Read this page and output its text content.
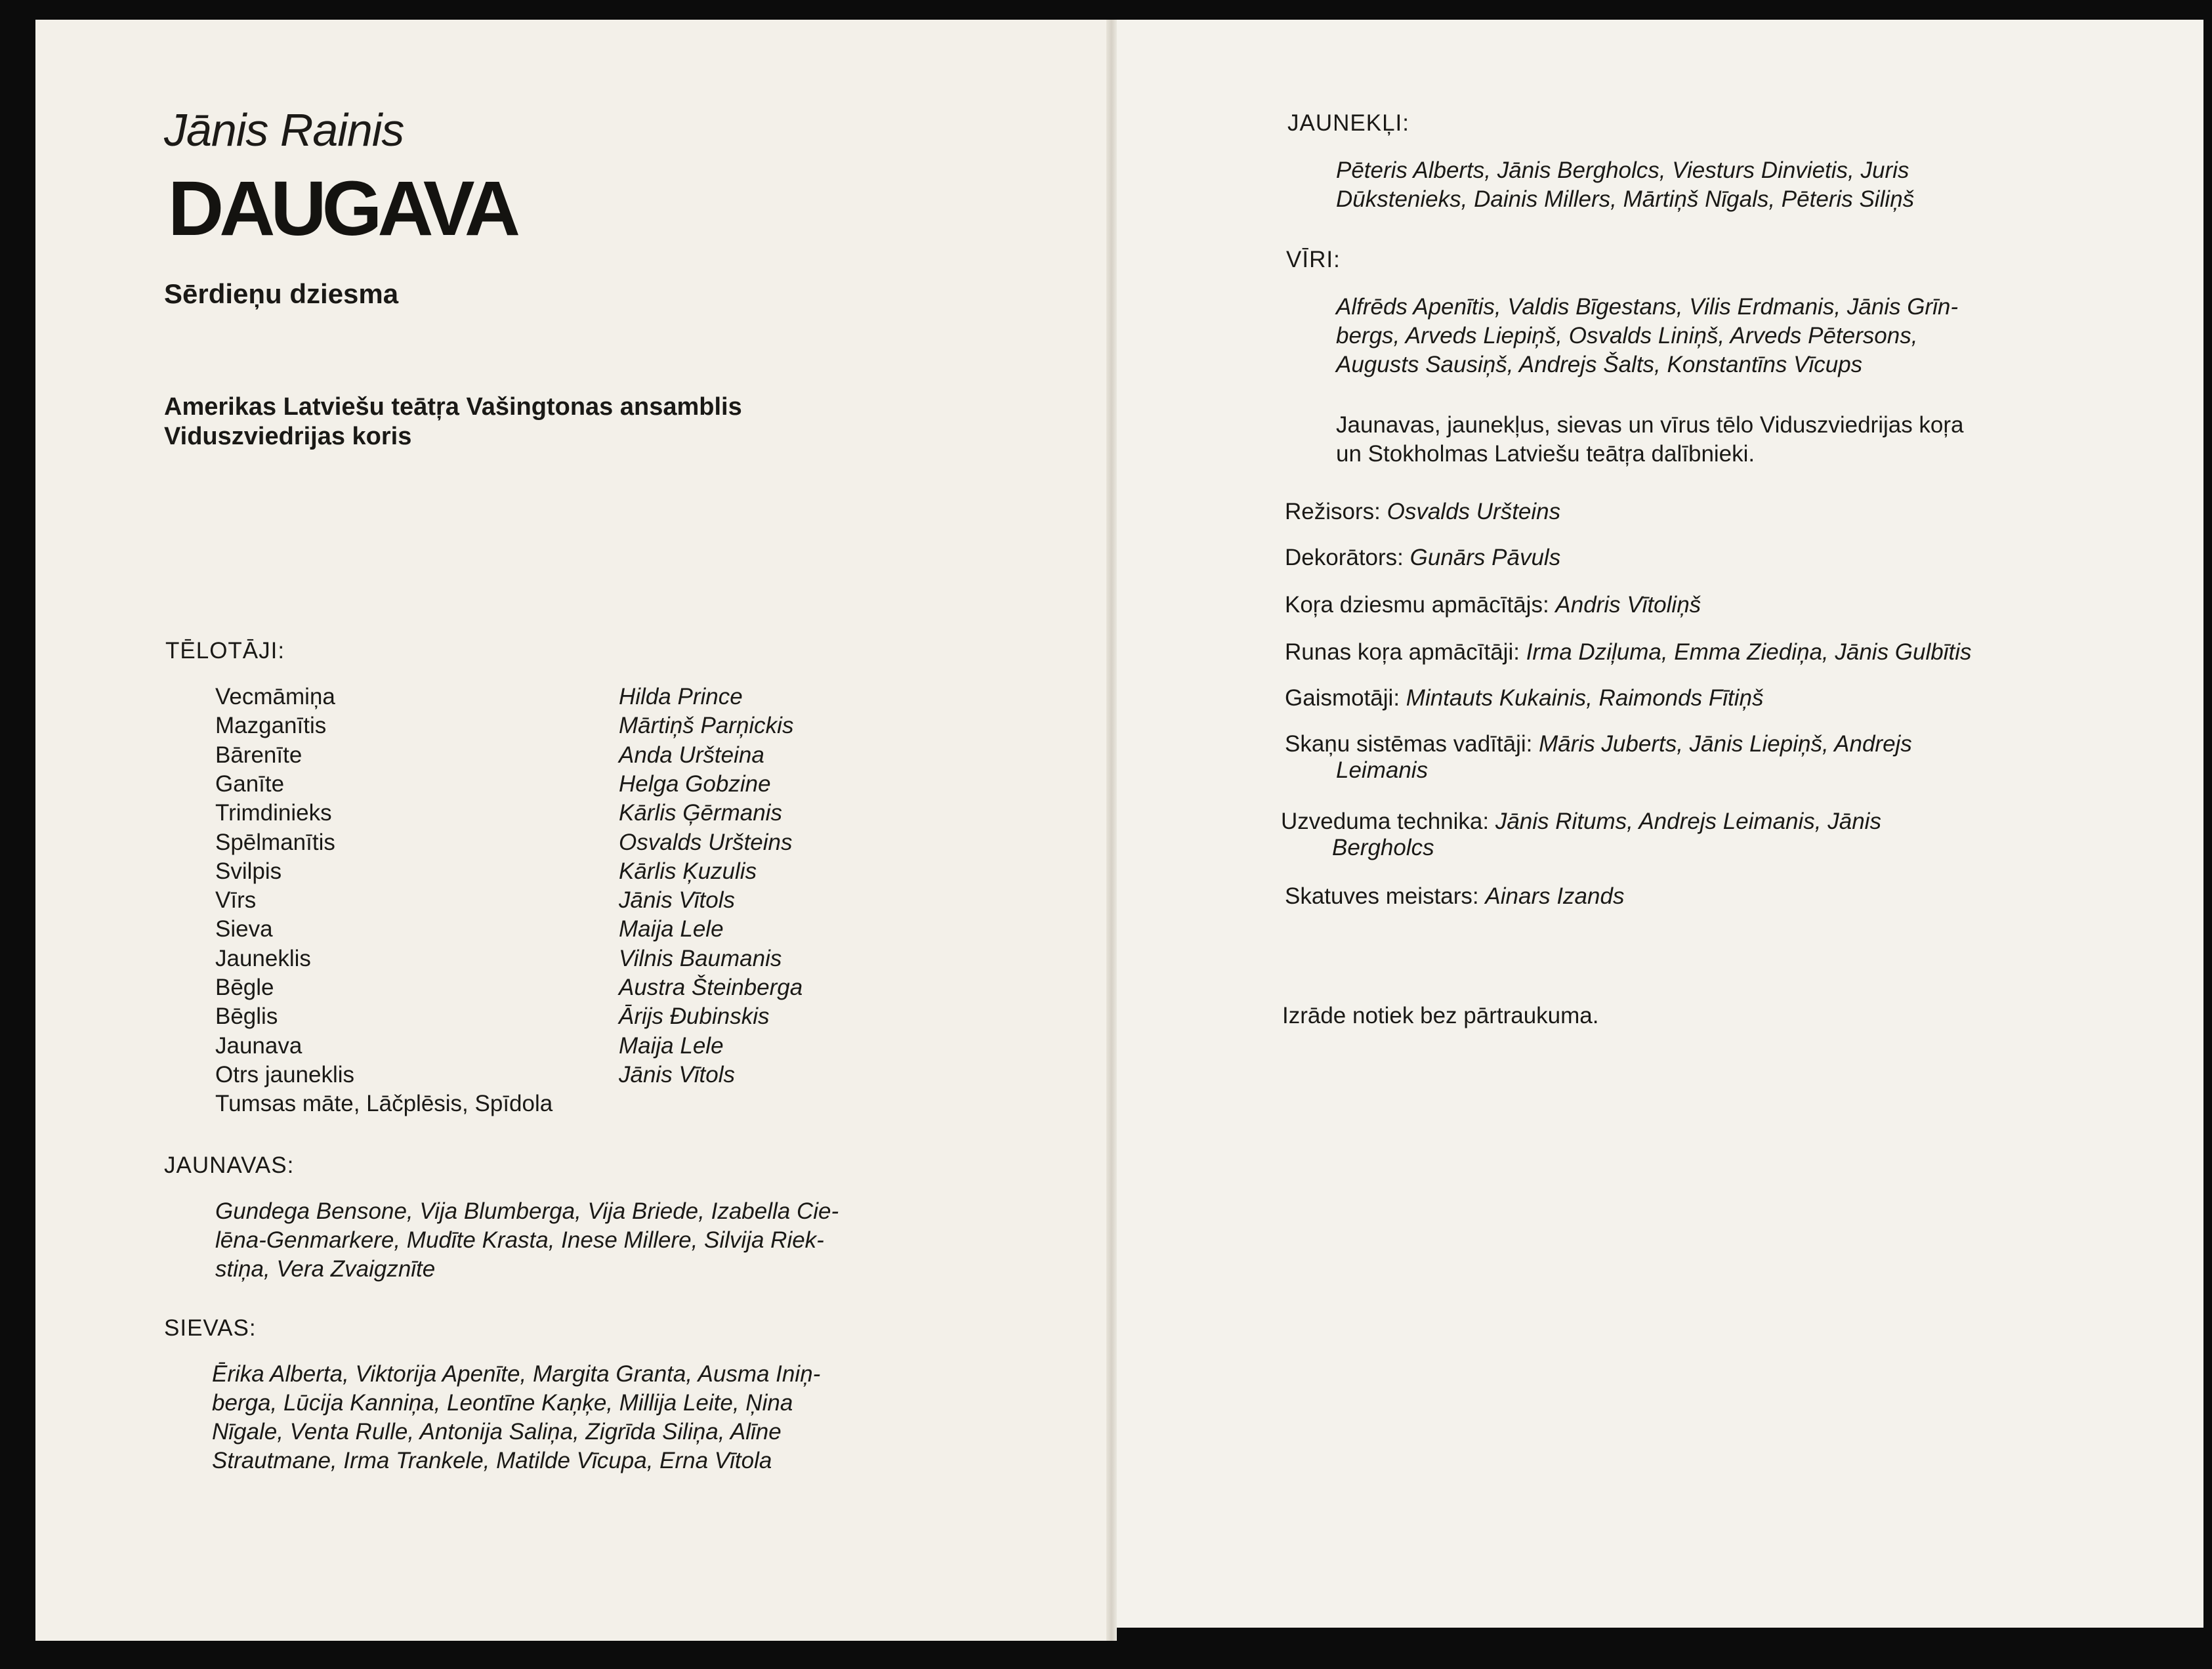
Jānis Rainis
DAUGAVA
Sērdieņu dziesma
Amerikas Latviešu teātŗa Vašingtonas ansamblis
Viduszviedrijas koris
TĒLOTĀJI:
Vecmāmiņa	Hilda Prince
Mazganītis	Mārtiņš Parņickis
Bārenīte	Anda Uršteina
Ganīte	Helga Gobzine
Trimdinieks	Kārlis Ģērmanis
Spēlmanītis	Osvalds Uršteins
Svilpis	Kārlis Ķuzulis
Vīrs	Jānis Vītols
Sieva	Maija Lele
Jauneklis	Vilnis Baumanis
Bēgle	Austra Šteinberga
Bēglis	Ārijs Ðubinskis
Jaunava	Maija Lele
Otrs jauneklis	Jānis Vītols
Tumsas māte, Lāčplēsis, Spīdola
JAUNAVAS:
Gundega Bensone, Vija Blumberga, Vija Briede, Izabella Cie-
lēna-Genmarkere, Mudīte Krasta, Inese Millere, Silvija Riek-
stiņa, Vera Zvaigznīte
SIEVAS:
Ērika Alberta, Viktorija Apenīte, Margita Granta, Ausma Iniņ-
berga, Lūcija Kanniņa, Leontīne Kaņķe, Millija Leite, Ņina
Nīgale, Venta Rulle, Antonija Saliņa, Zigrīda Siliņa, Alīne
Strautmane, Irma Trankele, Matilde Vīcupa, Erna Vītola
JAUNEKĻI:
Pēteris Alberts, Jānis Bergholcs, Viesturs Dinvietis, Juris
Dūkstenieks, Dainis Millers, Mārtiņš Nīgals, Pēteris Siliņš
VĪRI:
Alfrēds Apenītis, Valdis Bīgestans, Vilis Erdmanis, Jānis Grīn-
bergs, Arveds Liepiņš, Osvalds Liniņš, Arveds Pētersons,
Augusts Sausiņš, Andrejs Šalts, Konstantīns Vīcups
Jaunavas, jaunekļus, sievas un vīrus tēlo Viduszviedrijas koŗa
un Stokholmas Latviešu teātŗa dalībnieki.
Režisors: Osvalds Uršteins
Dekorātors: Gunārs Pāvuls
Koŗa dziesmu apmācītājs: Andris Vītoliņš
Runas koŗa apmācītāji: Irma Dziļuma, Emma Ziediņa, Jānis Gulbītis
Gaismotāji: Mintauts Kukainis, Raimonds Fītiņš
Skaņu sistēmas vadītāji: Māris Juberts, Jānis Liepiņš, Andrejs
Leimanis
Uzveduma technika: Jānis Ritums, Andrejs Leimanis, Jānis
Bergholcs
Skatuves meistars: Ainars Izands
Izrāde notiek bez pārtraukuma.
